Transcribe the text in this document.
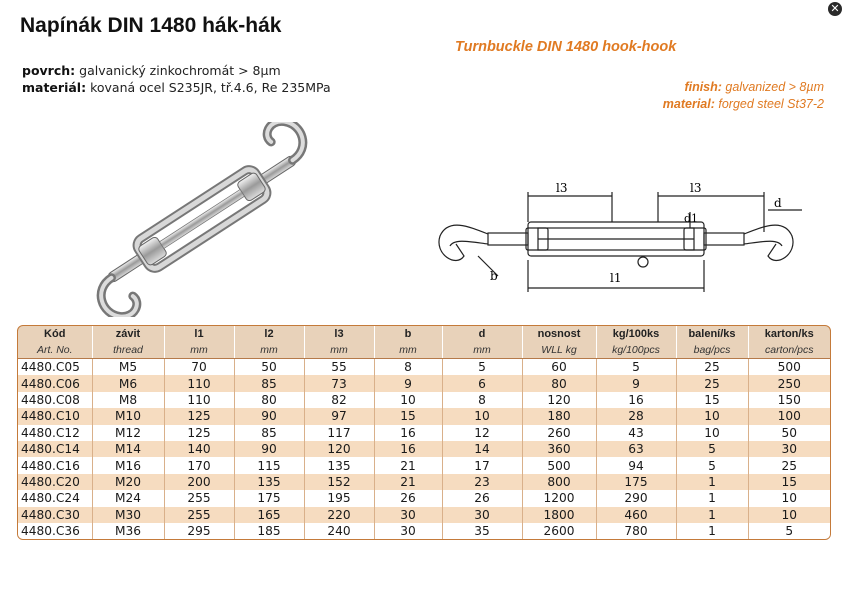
Napínák DIN 1480 hák-hák
povrch: galvanický zinkochromát > 8µm
materiál: kovaná ocel S235JR, tř.4.6, Re 235MPa
Turnbuckle DIN 1480 hook-hook
finish: galvanized > 8µm
material: forged steel St37-2
✕
l3	l3
d
d1
b	l1
Kód	závit	l1	l2	l3	b	d	nosnost	kg/100ks	balení/ks	karton/ks
Art. No.	thread	mm	mm	mm	mm	mm	WLL kg	kg/100pcs	bag/pcs	carton/pcs
4480.C05	M5	70	50	55	8	5	60	5	25	500
4480.C06	M6	110	85	73	9	6	80	9	25	250
4480.C08	M8	110	80	82	10	8	120	16	15	150
4480.C10	M10	125	90	97	15	10	180	28	10	100
4480.C12	M12	125	85	117	16	12	260	43	10	50
4480.C14	M14	140	90	120	16	14	360	63	5	30
4480.C16	M16	170	115	135	21	17	500	94	5	25
4480.C20	M20	200	135	152	21	23	800	175	1	15
4480.C24	M24	255	175	195	26	26	1200	290	1	10
4480.C30	M30	255	165	220	30	30	1800	460	1	10
4480.C36	M36	295	185	240	30	35	2600	780	1	5
